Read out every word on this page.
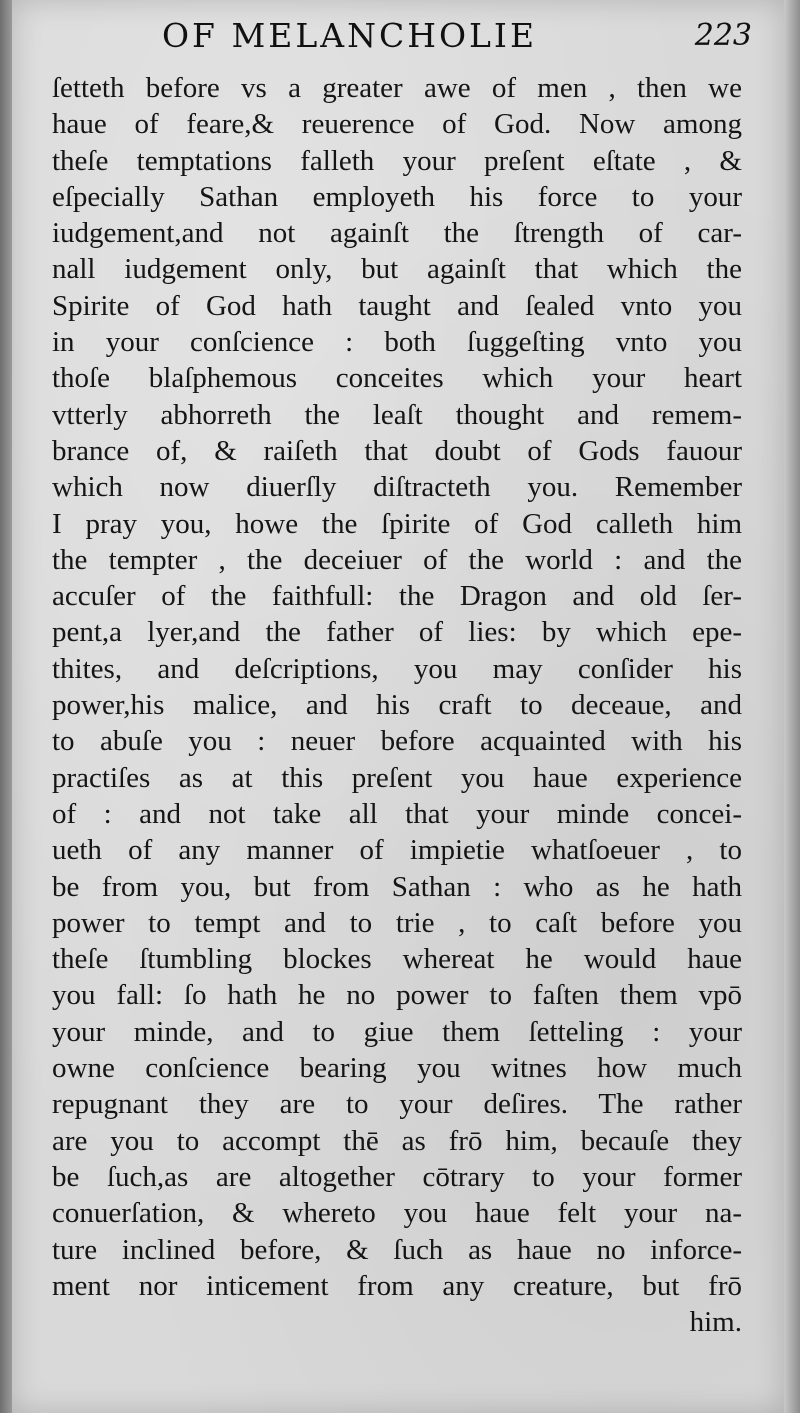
OF MELANCHOLIE	223
ſetteth before vs a greater awe of men , then we
haue of feare,& reuerence of God. Now among
theſe temptations falleth your preſent eſtate , &
eſpecially Sathan employeth his force to your
iudgement,and not againſt the ſtrength of car-
nall iudgement only, but againſt that which the
Spirite of God hath taught and ſealed vnto you
in your conſcience : both ſuggeſting vnto you
thoſe blaſphemous conceites which your heart
vtterly abhorreth the leaſt thought and remem-
brance of, & raiſeth that doubt of Gods fauour
which now diuerſly diſtracteth you. Remember
I pray you, howe the ſpirite of God calleth him
the tempter , the deceiuer of the world : and the
accuſer of the faithfull: the Dragon and old ſer-
pent,a lyer,and the father of lies: by which epe-
thites, and deſcriptions, you may conſider his
power,his malice, and his craft to deceaue, and
to abuſe you : neuer before acquainted with his
practiſes as at this preſent you haue experience
of : and not take all that your minde concei-
ueth of any manner of impietie whatſoeuer , to
be from you, but from Sathan : who as he hath
power to tempt and to trie , to caſt before you
theſe ſtumbling blockes whereat he would haue
you fall: ſo hath he no power to faſten them vpō
your minde, and to giue them ſetteling : your
owne conſcience bearing you witnes how much
repugnant they are to your deſires. The rather
are you to accompt thē as frō him, becauſe they
be ſuch,as are altogether cōtrary to your former
conuerſation, & whereto you haue felt your na-
ture inclined before, & ſuch as haue no inforce-
ment nor inticement from any creature, but frō
him.
